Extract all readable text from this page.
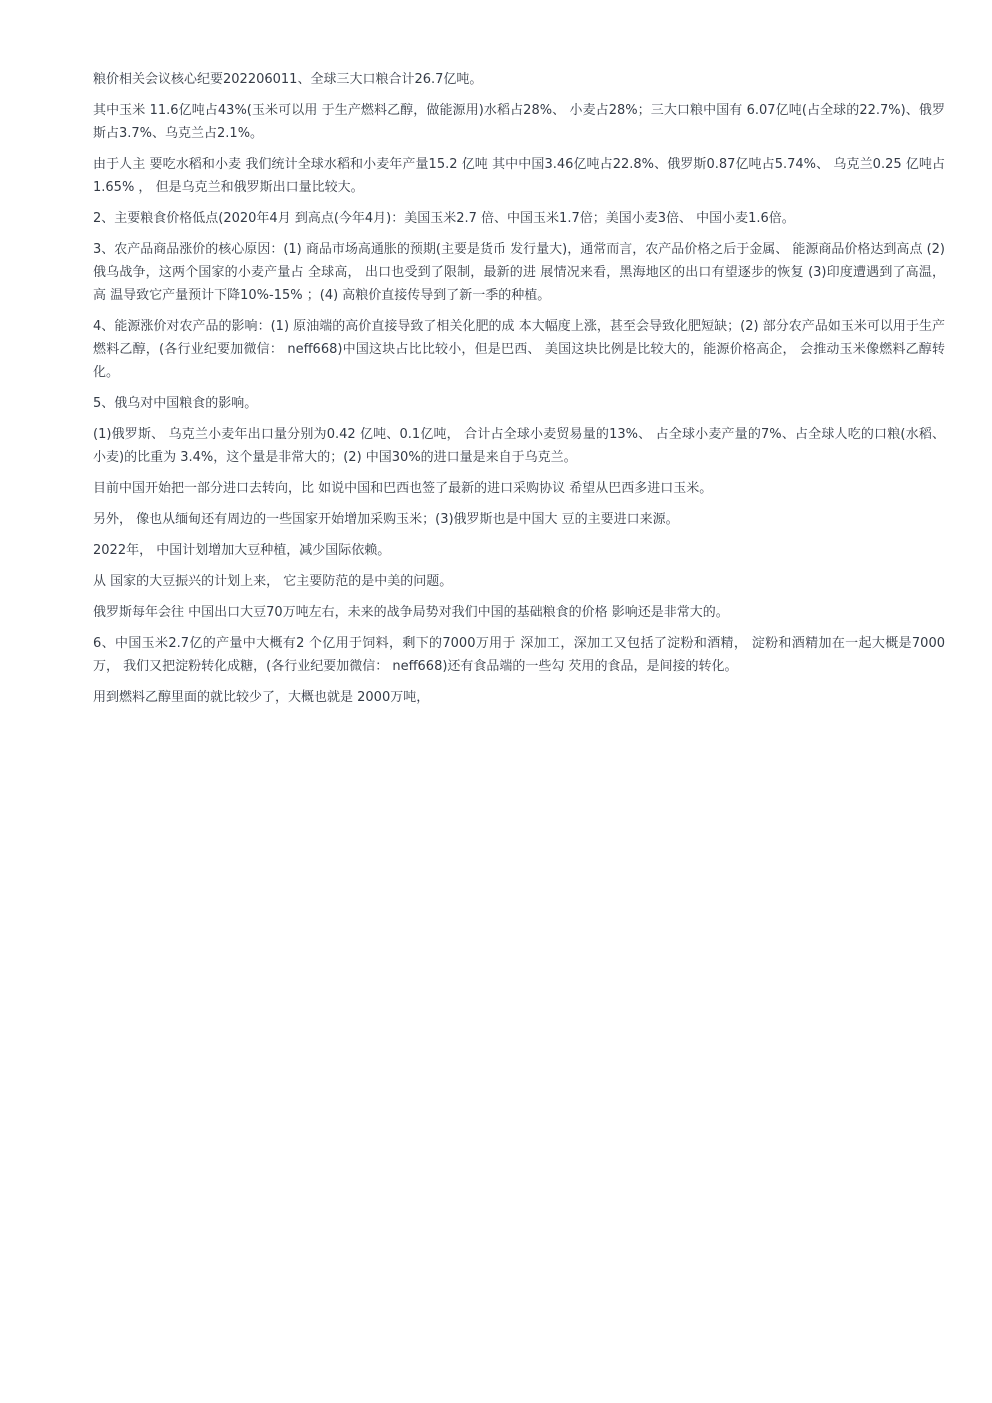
粮价相关会议核心纪要202206011、全球三大口粮合计26.7亿吨。

其中玉米 11.6亿吨占43%(玉米可以用 于生产燃料乙醇，做能源用)水稻占28%、 小麦占28%；三大口粮中国有 6.07亿吨(占全球的22.7%)、俄罗斯占3.7%、乌克兰占2.1%。

由于人主 要吃水稻和小麦 我们统计全球水稻和小麦年产量15.2 亿吨 其中中国3.46亿吨占22.8%、俄罗斯0.87亿吨占5.74%、 乌克兰0.25 亿吨占 1.65% ， 但是乌克兰和俄罗斯出口量比较大。

2、主要粮食价格低点(2020年4月 到高点(今年4月)：美国玉米2.7 倍、中国玉米1.7倍；美国小麦3倍、 中国小麦1.6倍。

3、农产品商品涨价的核心原因：(1) 商品市场高通胀的预期(主要是货币 发行量大)，通常而言，农产品价格之后于金属、 能源商品价格达到高点 (2) 俄乌战争，这两个国家的小麦产量占 全球高， 出口也受到了限制，最新的进 展情况来看，黑海地区的出口有望逐步的恢复 (3)印度遭遇到了高温，高 温导致它产量预计下降10%-15% ；(4) 高粮价直接传导到了新一季的种植。

4、能源涨价对农产品的影响：(1) 原油端的高价直接导致了相关化肥的成 本大幅度上涨，甚至会导致化肥短缺；(2) 部分农产品如玉米可以用于生产 燃料乙醇，(各行业纪要加微信： neff668)中国这块占比比较小，但是巴西、 美国这块比例是比较大的，能源价格高企， 会推动玉米像燃料乙醇转化。

5、俄乌对中国粮食的影响。

(1)俄罗斯、 乌克兰小麦年出口量分别为0.42 亿吨、0.1亿吨， 合计占全球小麦贸易量的13%、 占全球小麦产量的7%、占全球人吃的口粮(水稻、小麦)的比重为 3.4%，这个量是非常大的；(2) 中国30%的进口量是来自于乌克兰。

目前中国开始把一部分进口去转向，比 如说中国和巴西也签了最新的进口采购协议 希望从巴西多进口玉米。

另外， 像也从缅甸还有周边的一些国家开始增加采购玉米；(3)俄罗斯也是中国大 豆的主要进口来源。

2022年， 中国计划增加大豆种植，减少国际依赖。

从 国家的大豆振兴的计划上来， 它主要防范的是中美的问题。

俄罗斯每年会往 中国出口大豆70万吨左右，未来的战争局势对我们中国的基础粮食的价格 影响还是非常大的。

6、中国玉米2.7亿的产量中大概有2 个亿用于饲料，剩下的7000万用于 深加工，深加工又包括了淀粉和酒精， 淀粉和酒精加在一起大概是7000万， 我们又把淀粉转化成糖，(各行业纪要加微信： neff668)还有食品端的一些勾 芡用的食品，是间接的转化。

用到燃料乙醇里面的就比较少了，大概也就是 2000万吨，
